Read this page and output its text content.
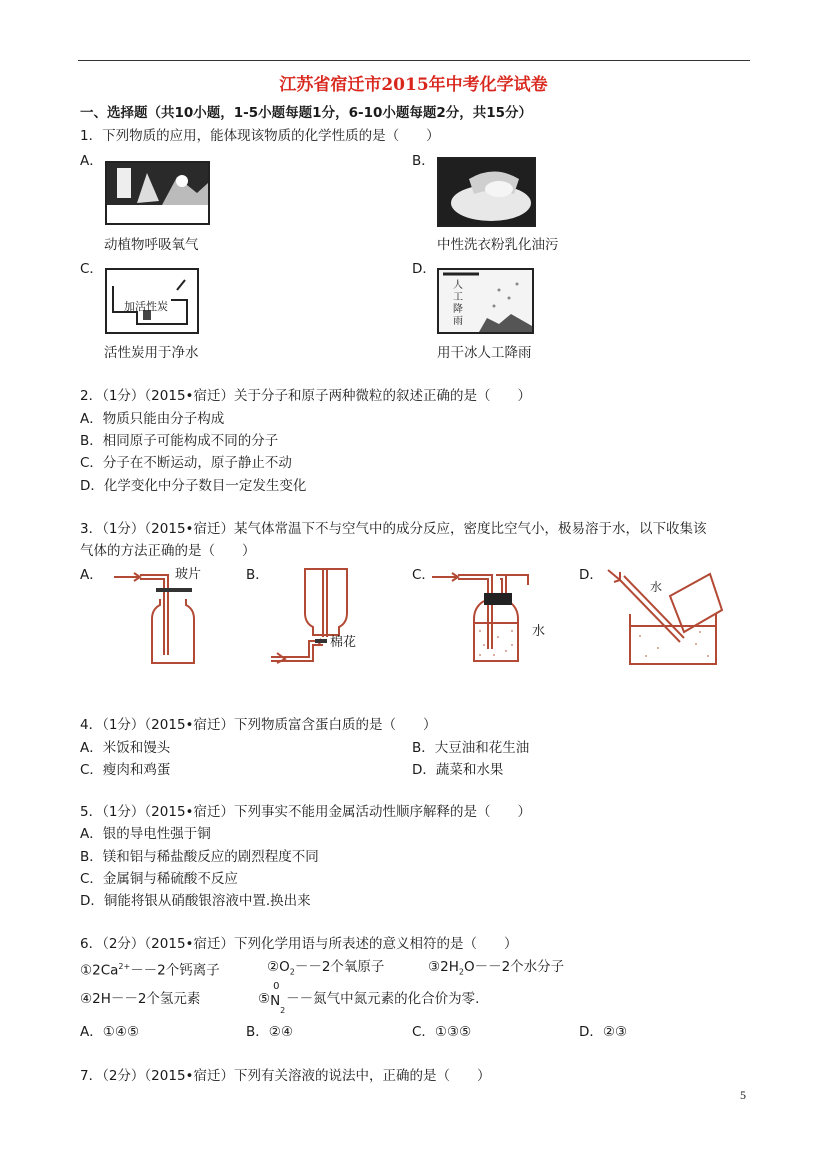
江苏省宿迁市2015年中考化学试卷
一、选择题（共10小题，1-5小题每题1分，6-10小题每题2分，共15分）
1．下列物质的应用，能体现该物质的化学性质的是（　　）
A．	B．
动植物呼吸氧气	中性洗衣粉乳化油污
C．	D．
加活性炭
人工降雨
活性炭用于净水	用干冰人工降雨
2．（1分）（2015•宿迁）关于分子和原子两种微粒的叙述正确的是（　　）
A．物质只能由分子构成
B．相同原子可能构成不同的分子
C．分子在不断运动，原子静止不动
D．化学变化中分子数目一定发生变化
3．（1分）（2015•宿迁）某气体常温下不与空气中的成分反应，密度比空气小，极易溶于水，以下收集该
气体的方法正确的是（　　）
A．	B．	C．	D．
玻片
棉花
水
水
4．（1分）（2015•宿迁）下列物质富含蛋白质的是（　　）
A．米饭和馒头	B．大豆油和花生油
C．瘦肉和鸡蛋	D．蔬菜和水果
5．（1分）（2015•宿迁）下列事实不能用金属活动性顺序解释的是（　　）
A．银的导电性强于铜
B．镁和铝与稀盐酸反应的剧烈程度不同
C．金属铜与稀硫酸不反应
D．铜能将银从硝酸银溶液中置.换出来
6．（2分）（2015•宿迁）下列化学用语与所表述的意义相符的是（　　）
$①2Ca^{2+}--2$个钙离子	$②O_2--2$个氧原子	$③2H_2O--2$个水分子
④2H－－2个氢元素	⑤
0
N
2
－－氮气中氮元素的化合价为零.
A．①④⑤	B．②④	C．①③⑤	D．②③
7．（2分）（2015•宿迁）下列有关溶液的说法中，正确的是（　　）
5
